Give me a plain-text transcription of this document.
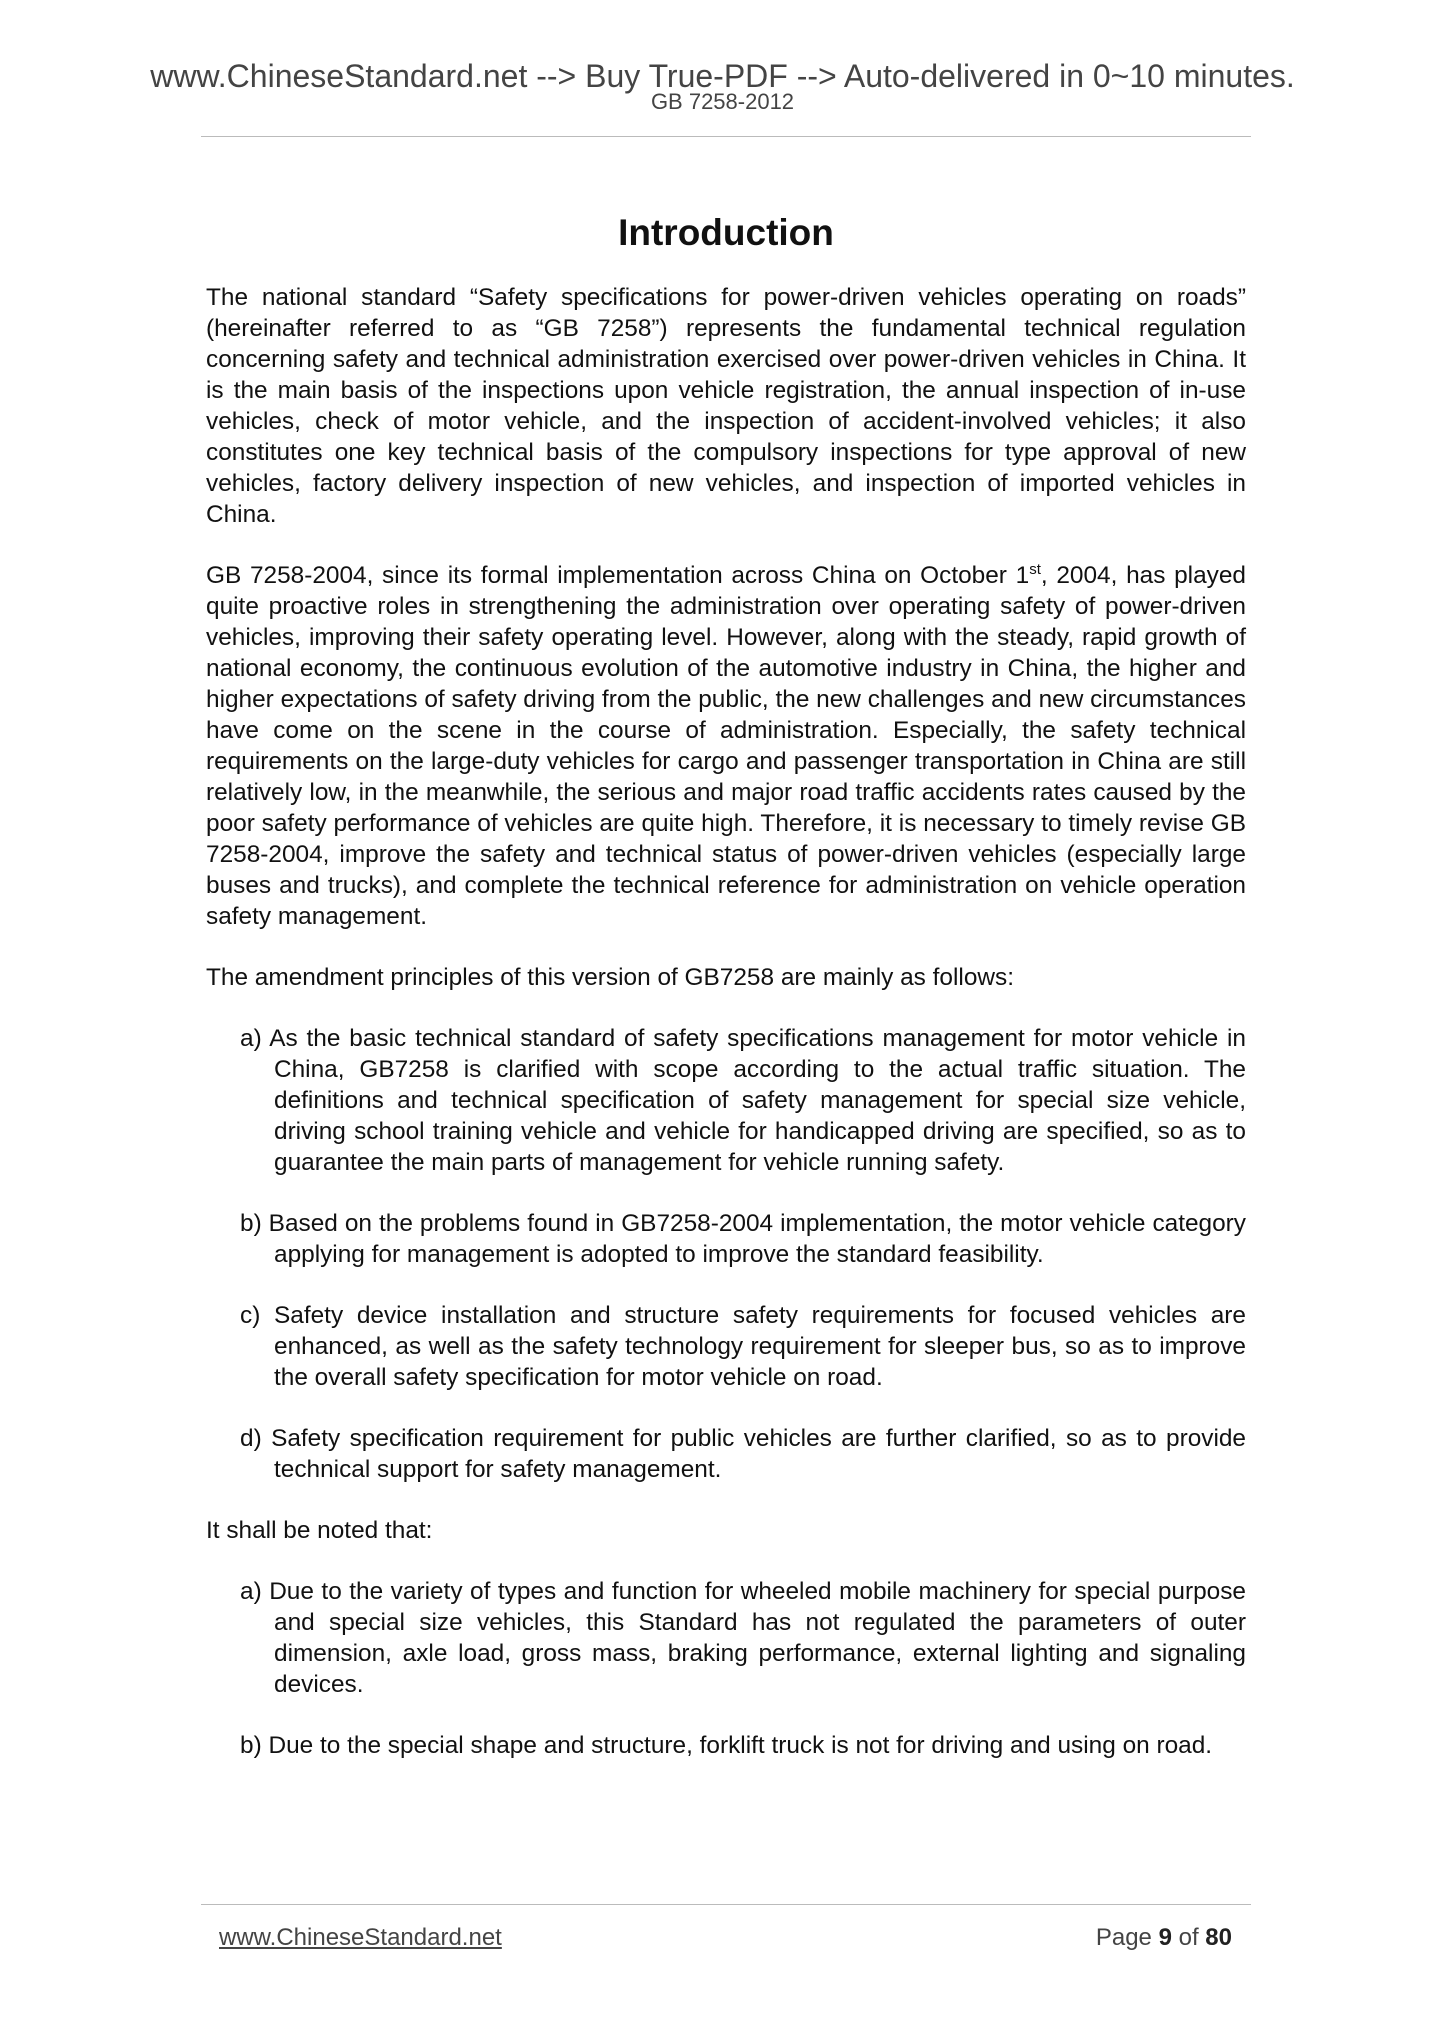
www.ChineseStandard.net --> Buy True-PDF --> Auto-delivered in 0~10 minutes.
GB 7258-2012
Introduction

The national standard “Safety specifications for power-driven vehicles operating on roads” (hereinafter referred to as “GB 7258”) represents the fundamental technical regulation concerning safety and technical administration exercised over power-driven vehicles in China. It is the main basis of the inspections upon vehicle registration, the annual inspection of in-use vehicles, check of motor vehicle, and the inspection of accident-involved vehicles; it also constitutes one key technical basis of the compulsory inspections for type approval of new vehicles, factory delivery inspection of new vehicles, and inspection of imported vehicles in China.

GB 7258-2004, since its formal implementation across China on October 1st, 2004, has played quite proactive roles in strengthening the administration over operating safety of power-driven vehicles, improving their safety operating level. However, along with the steady, rapid growth of national economy, the continuous evolution of the automotive industry in China, the higher and higher expectations of safety driving from the public, the new challenges and new circumstances have come on the scene in the course of administration. Especially, the safety technical requirements on the large-duty vehicles for cargo and passenger transportation in China are still relatively low, in the meanwhile, the serious and major road traffic accidents rates caused by the poor safety performance of vehicles are quite high. Therefore, it is necessary to timely revise GB 7258-2004, improve the safety and technical status of power-driven vehicles (especially large buses and trucks), and complete the technical reference for administration on vehicle operation safety management.

The amendment principles of this version of GB7258 are mainly as follows:

a) As the basic technical standard of safety specifications management for motor vehicle in China, GB7258 is clarified with scope according to the actual traffic situation. The definitions and technical specification of safety management for special size vehicle, driving school training vehicle and vehicle for handicapped driving are specified, so as to guarantee the main parts of management for vehicle running safety.

b) Based on the problems found in GB7258-2004 implementation, the motor vehicle category applying for management is adopted to improve the standard feasibility.

c) Safety device installation and structure safety requirements for focused vehicles are enhanced, as well as the safety technology requirement for sleeper bus, so as to improve the overall safety specification for motor vehicle on road.

d) Safety specification requirement for public vehicles are further clarified, so as to provide technical support for safety management.

It shall be noted that:

a) Due to the variety of types and function for wheeled mobile machinery for special purpose and special size vehicles, this Standard has not regulated the parameters of outer dimension, axle load, gross mass, braking performance, external lighting and signaling devices.

b) Due to the special shape and structure, forklift truck is not for driving and using on road.

www.ChineseStandard.net	Page 9 of 80
